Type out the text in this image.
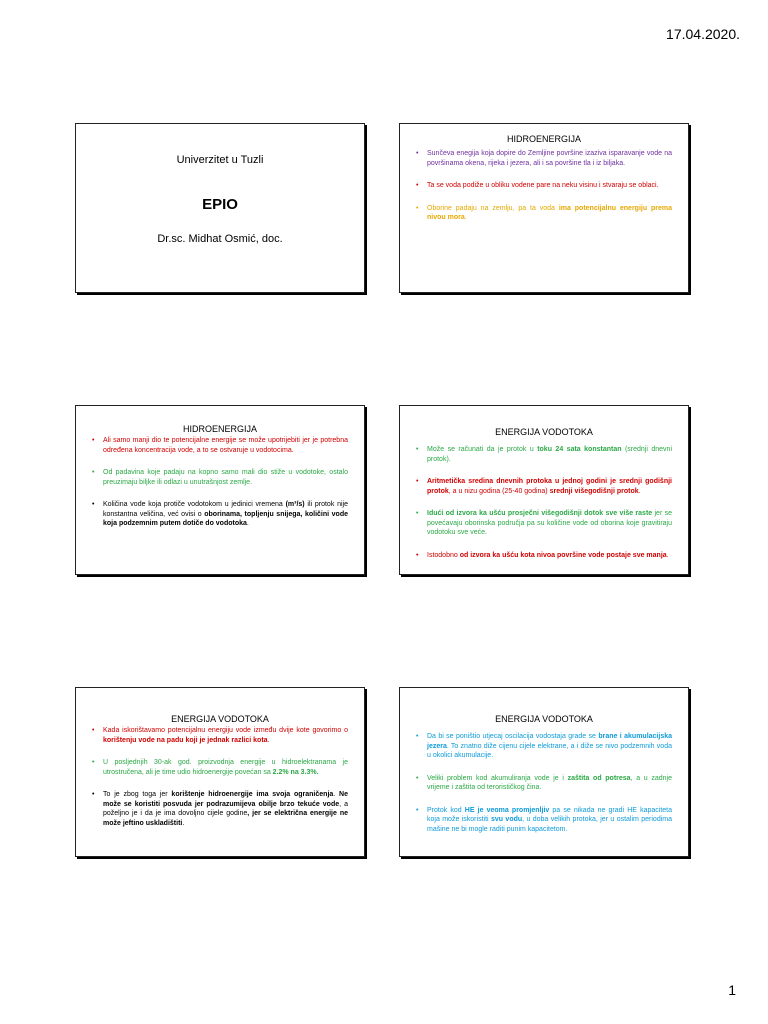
17.04.2020.
Univerzitet u Tuzli
EPIO
Dr.sc. Midhat Osmić, doc.
HIDROENERGIJA
• Sunčeva enegija koja dopire do Zemljine površine izaziva isparavanje vode na površinama okena, rijeka i jezera, ali i sa površine tla i iz biljaka.
• Ta se voda podiže u obliku vodene pare na neku visinu i stvaraju se oblaci.
• Oborine padaju na zemlju, pa ta voda ima potencijalnu energiju prema nivou mora.
HIDROENERGIJA
• Ali samo manji dio te potencijalne energije se može upotrijebiti jer je potrebna određena koncentracija vode, a to se ostvaruje u vodotocima.
• Od padavina koje padaju na kopno samo mali dio stiže u vodotoke, ostalo preuzimaju biljke ili odlazi u unutrašnjost zemlje.
• Količina vode koja protiče vodotokom u jedinici vremena (m³/s) ili protok nije konstantna veličina, već ovisi o oborinama, topljenju snijega, količini vode koja podzemnim putem dotiče do vodotoka.
ENERGIJA VODOTOKA
• Može se računati da je protok u toku 24 sata konstantan (srednji dnevni protok).
• Aritmetička sredina dnevnih protoka u jednoj godini je srednji godišnji protok, a u nizu godina (25-40 godina) srednji višegodišnji protok.
• Idući od izvora ka ušću prosječni višegodišnji dotok sve više raste jer se povećavaju oborinska područja pa su količine vode od oborina koje gravitiraju vodotoku sve veće.
• Istodobno od izvora ka ušću kota nivoa površine vode postaje sve manja.
ENERGIJA VODOTOKA
• Kada iskorištavamo potencijalnu energiju vode između dvije kote govorimo o korištenju vode na padu koji je jednak razlici kota.
• U posljednjih 30-ak god. proizvodnja energije u hidroelektranama je utrostručena, ali je time udio hidroenergije povećan sa 2.2% na 3.3%.
• To je zbog toga jer korištenje hidroenergije ima svoja ograničenja. Ne može se koristiti posvuda jer podrazumijeva obilje brzo tekuće vode, a poželjno je i da je ima dovoljno cijele godine, jer se električna energije ne može jeftino uskladištiti.
ENERGIJA VODOTOKA
• Da bi se poništio utjecaj oscilacija vodostaja grade se brane i akumulacijska jezera. To znatno diže cijenu cijele elektrane, a i diže se nivo podzemnih voda u okolici akumulacije.
• Veliki problem kod akumuliranja vode je i zaštita od potresa, a u zadnje vrijeme i zaštita od terorističkog čina.
• Protok kod HE je veoma promjenljiv pa se nikada ne gradi HE kapaciteta koja može iskoristiti svu vodu, u doba velikih protoka, jer u ostalim periodima mašine ne bi mogle raditi punim kapacitetom.
1
